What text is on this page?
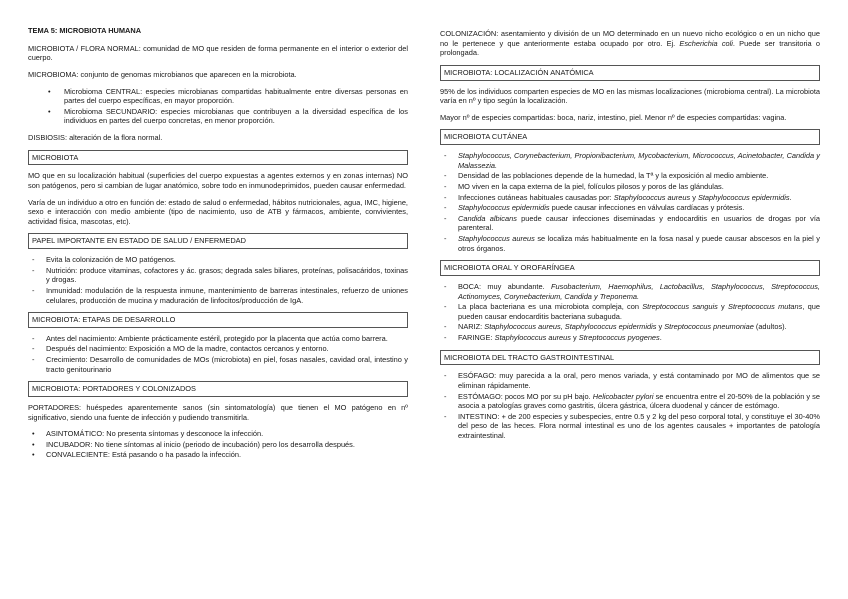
TEMA 5: MICROBIOTA HUMANA

MICROBIOTA / FLORA NORMAL: comunidad de MO que residen de forma permanente en el interior o exterior del cuerpo.

MICROBIOMA: conjunto de genomas microbianos que aparecen en la microbiota.

• Microbioma CENTRAL: especies microbianas compartidas habitualmente entre diversas personas en partes del cuerpo específicas, en mayor proporción.
• Microbioma SECUNDARIO: especies microbianas que contribuyen a la diversidad específica de los individuos en partes del cuerpo concretas, en menor proporción.

DISBIOSIS: alteración de la flora normal.

MICROBIOTA

MO que en su localización habitual (superficies del cuerpo expuestas a agentes externos y en zonas internas) NO son patógenos, pero si cambian de lugar anatómico, sobre todo en inmunodeprimidos, pueden causar enfermedad.

Varía de un individuo a otro en función de: estado de salud o enfermedad, hábitos nutricionales, agua, IMC, higiene, sexo e interacción con medio ambiente (tipo de nacimiento, uso de ATB y fármacos, ambiente, convivientes, actividad física, mascotas, etc).

PAPEL IMPORTANTE EN ESTADO DE SALUD / ENFERMEDAD
- Evita la colonización de MO patógenos.
- Nutrición: produce vitaminas, cofactores y ác. grasos; degrada sales biliares, proteínas, polisacáridos, toxinas y drogas.
- Inmunidad: modulación de la respuesta inmune, mantenimiento de barreras intestinales, refuerzo de uniones celulares, producción de mucina y maduración de linfocitos/producción de IgA.
MICROBIOTA: ETAPAS DE DESARROLLO
- Antes del nacimiento: Ambiente prácticamente estéril, protegido por la placenta que actúa como barrera.
- Después del nacimiento: Exposición a MO de la madre, contactos cercanos y entorno.
- Crecimiento: Desarrollo de comunidades de MOs (microbiota) en piel, fosas nasales, cavidad oral, intestino y tracto genitourinario
MICROBIOTA: PORTADORES Y COLONIZADOS

PORTADORES: huéspedes aparentemente sanos (sin sintomatología) que tienen el MO patógeno en nº significativo, siendo una fuente de infección y pudiendo transmitirla.

• ASINTOMÁTICO: No presenta síntomas y desconoce la infección.
• INCUBADOR: No tiene síntomas al inicio (periodo de incubación) pero los desarrolla después.
• CONVALECIENTE: Está pasando o ha pasado la infección.

COLONIZACIÓN: asentamiento y división de un MO determinado en un nuevo nicho ecológico o en un nicho que no le pertenece y que anteriormente estaba ocupado por otro. Ej. Escherichia coli. Puede ser transitoria o prolongada.

MICROBIOTA: LOCALIZACIÓN ANATÓMICA

95% de los individuos comparten especies de MO en las mismas localizaciones (microbioma central). La microbiota varía en nº y tipo según la localización.

Mayor nº de especies compartidas: boca, nariz, intestino, piel. Menor nº de especies compartidas: vagina.

MICROBIOTA CUTÁNEA
- Staphylococcus, Corynebacterium, Propionibacterium, Mycobacterium, Micrococcus, Acinetobacter, Candida y Malassezia.
- Densidad de las poblaciones depende de la humedad, la Tª y la exposición al medio ambiente.
- MO viven en la capa externa de la piel, folículos pilosos y poros de las glándulas.
- Infecciones cutáneas habituales causadas por: Staphylococcus aureus y Staphylococcus epidermidis.
- Staphylococcus epidermidis puede causar infecciones en válvulas cardíacas y prótesis.
- Candida albicans puede causar infecciones diseminadas y endocarditis en usuarios de drogas por vía parenteral.
- Staphylococcus aureus se localiza más habitualmente en la fosa nasal y puede causar abscesos en la piel y otros órganos.
MICROBIOTA ORAL Y OROFARÍNGEA
- BOCA: muy abundante. Fusobacterium, Haemophilus, Lactobacillus, Staphylococcus, Streptococcus, Actinomyces, Corynebacterium, Candida y Treponema.
- La placa bacteriana es una microbiota compleja, con Streptococcus sanguis y Streptococcus mutans, que pueden causar endocarditis bacteriana subaguda.
- NARIZ: Staphylococcus aureus, Staphylococcus epidermidis y Streptococcus pneumoniae (adultos).
- FARINGE: Staphylococcus aureus y Streptococcus pyogenes.
MICROBIOTA DEL TRACTO GASTROINTESTINAL
- ESÓFAGO: muy parecida a la oral, pero menos variada, y está contaminado por MO de alimentos que se eliminan rápidamente.
- ESTÓMAGO: pocos MO por su pH bajo. Helicobacter pylori se encuentra entre el 20-50% de la población y se asocia a patologías graves como gastritis, úlcera gástrica, úlcera duodenal y cáncer de estómago.
- INTESTINO: + de 200 especies y subespecies, entre 0.5 y 2 kg del peso corporal total, y constituye el 30-40% del peso de las heces. Flora normal intestinal es uno de los agentes causales + importantes de patología extraintestinal.
